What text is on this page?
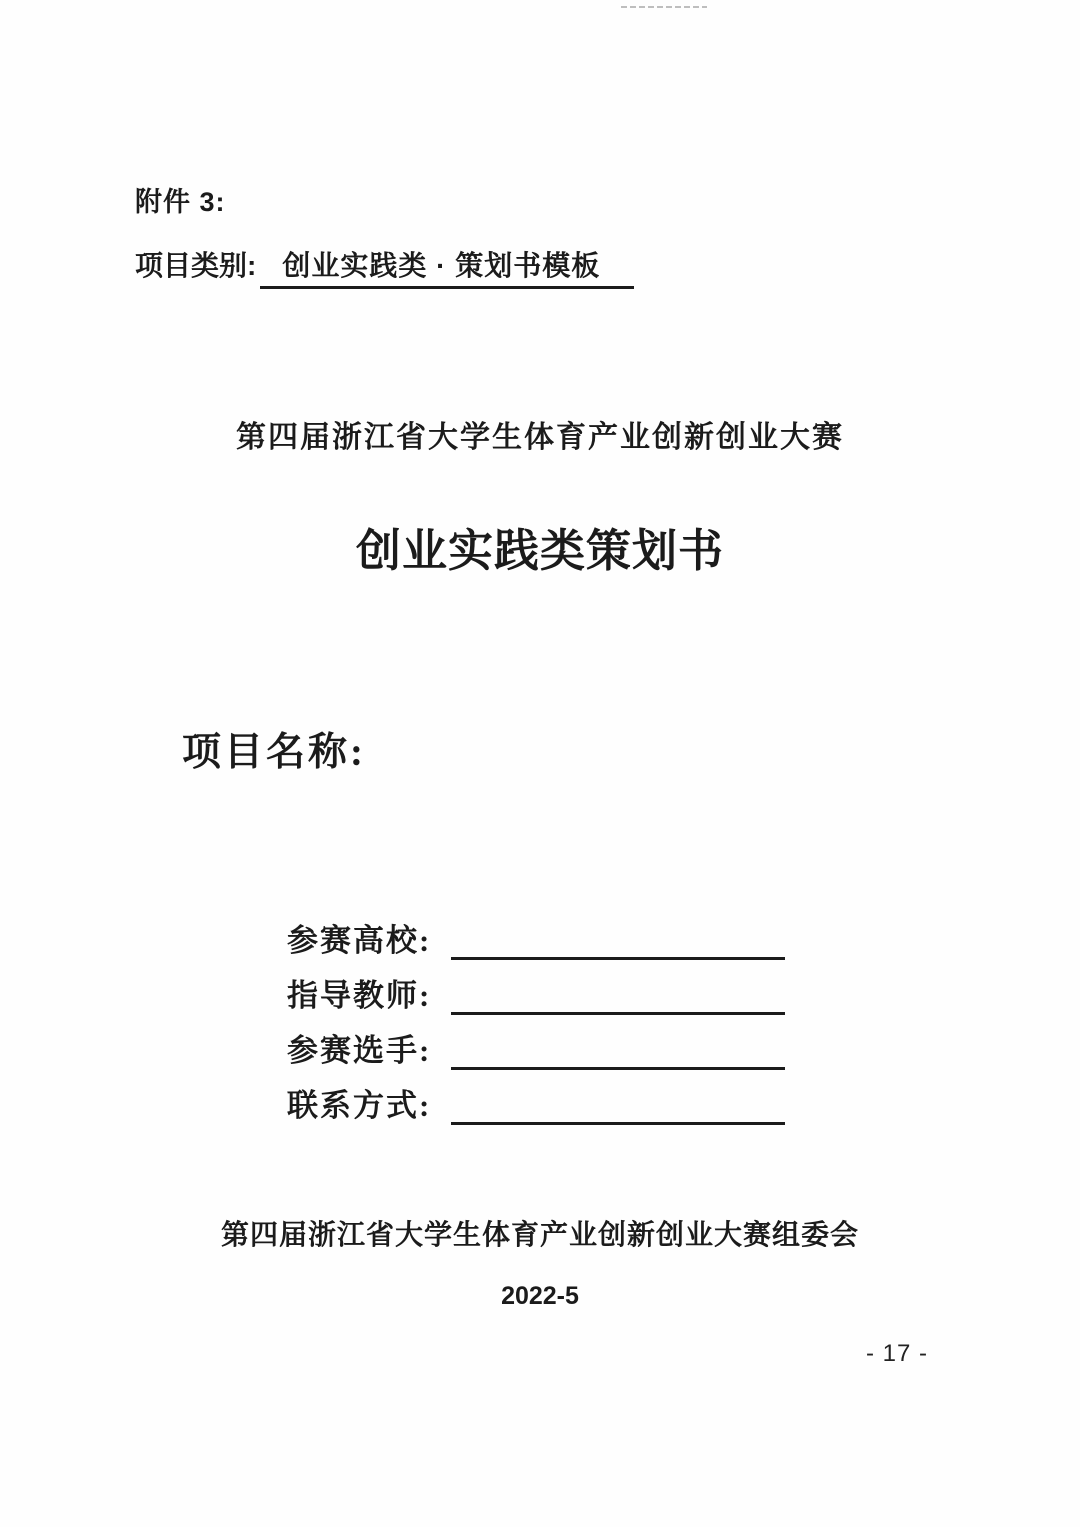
附件 3:
项目类别: 创业实践类 · 策划书模板
第四届浙江省大学生体育产业创新创业大赛
创业实践类策划书
项目名称:
参赛高校:
指导教师:
参赛选手:
联系方式:
第四届浙江省大学生体育产业创新创业大赛组委会
2022-5
- 17 -
